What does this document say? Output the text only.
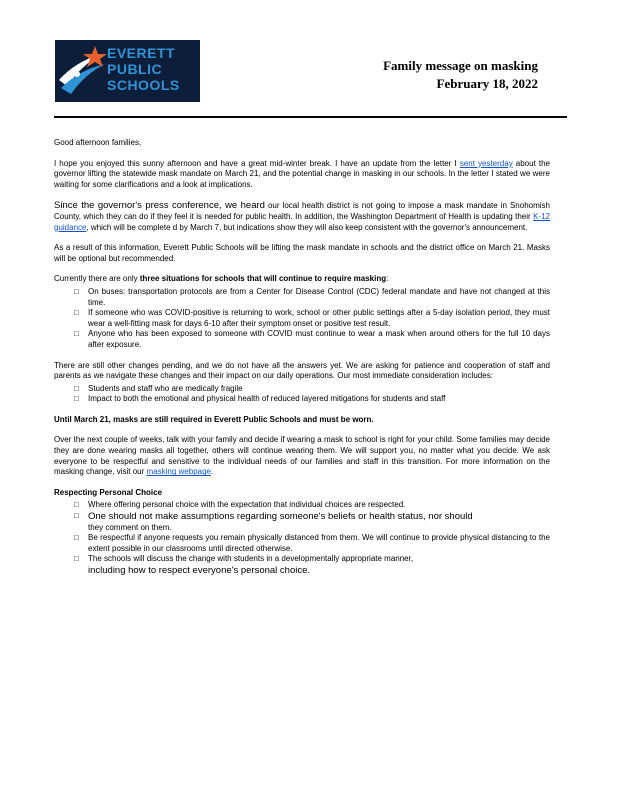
EVERETT
PUBLIC
SCHOOLS
Family message on masking
February 18, 2022

Good afternoon families,

I hope you enjoyed this sunny afternoon and have a great mid-winter break. I have an update from the letter I sent yesterday about the governor lifting the statewide mask mandate on March 21, and the potential change in masking in our schools. In the letter I stated we were waiting for some clarifications and a look at implications.

Since the governor's press conference, we heard our local health district is not going to impose a mask mandate in Snohomish County, which they can do if they feel it is needed for public health. In addition, the Washington Department of Health is updating their K-12 guidance, which will be complete d by March 7, but indications show they will also keep consistent with the governor's announcement.

As a result of this information, Everett Public Schools will be lifting the mask mandate in schools and the district office on March 21. Masks will be optional but recommended.

Currently there are only three situations for schools that will continue to require masking:

□ On buses: transportation protocols are from a Center for Disease Control (CDC) federal mandate and have not changed at this time.
□ If someone who was COVID-positive is returning to work, school or other public settings after a 5-day isolation period, they must wear a well-fitting mask for days 6-10 after their symptom onset or positive test result.
□ Anyone who has been exposed to someone with COVID must continue to wear a mask when around others for the full 10 days after exposure.

There are still other changes pending, and we do not have all the answers yet. We are asking for patience and cooperation of staff and parents as we navigate these changes and their impact on our daily operations. Our most immediate consideration includes:

□ Students and staff who are medically fragile
□ Impact to both the emotional and physical health of reduced layered mitigations for students and staff

Until March 21, masks are still required in Everett Public Schools and must be worn.

Over the next couple of weeks, talk with your family and decide if wearing a mask to school is right for your child. Some families may decide they are done wearing masks all together, others will continue wearing them. We will support you, no matter what you decide. We ask everyone to be respectful and sensitive to the individual needs of our families and staff in this transition. For more information on the masking change, visit our masking webpage.

Respecting Personal Choice
□ Where offering personal choice with the expectation that individual choices are respected.
□ One should not make assumptions regarding someone's beliefs or health status, nor should
they comment on them.
□ Be respectful if anyone requests you remain physically distanced from them. We will continue to provide physical distancing to the extent possible in our classrooms until directed otherwise.
□ The schools will discuss the change with students in a developmentally appropriate manner,
including how to respect everyone's personal choice.
